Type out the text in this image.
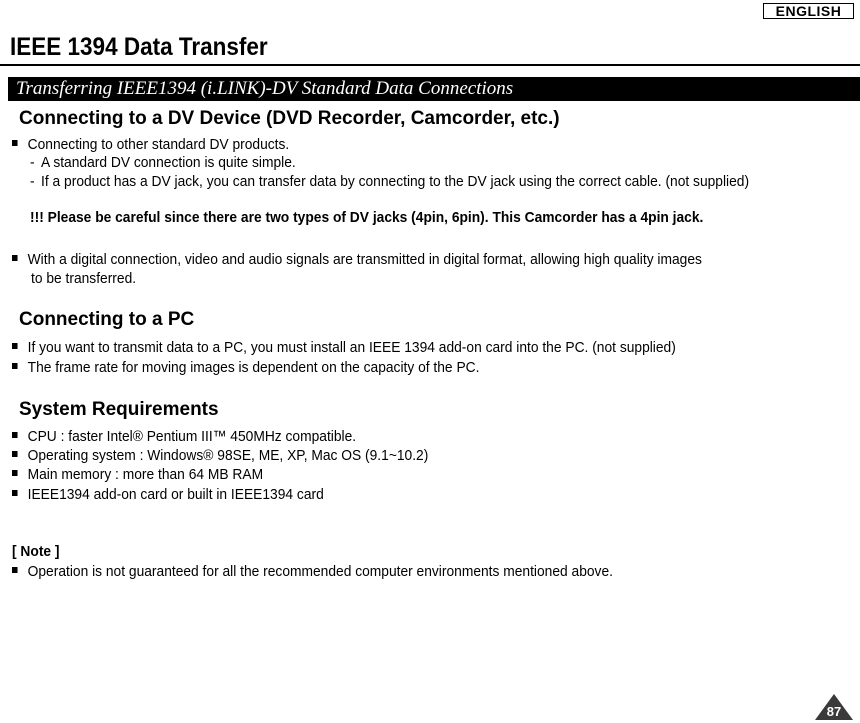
ENGLISH
IEEE 1394 Data Transfer
Transferring IEEE1394 (i.LINK)-DV Standard Data Connections
Connecting to a DV Device (DVD Recorder, Camcorder, etc.)
Connecting to other standard DV products.
- A standard DV connection is quite simple.
- If a product has a DV jack, you can transfer data by connecting to the DV jack using the correct cable. (not supplied)
!!! Please be careful since there are two types of DV jacks (4pin, 6pin). This Camcorder has a 4pin jack.
With a digital connection, video and audio signals are transmitted in digital format, allowing high quality images
to be transferred.
Connecting to a PC
If you want to transmit data to a PC, you must install an IEEE 1394 add-on card into the PC. (not supplied)
The frame rate for moving images is dependent on the capacity of the PC.
System Requirements
CPU : faster Intel® Pentium III™ 450MHz compatible.
Operating system : Windows® 98SE, ME, XP, Mac OS (9.1~10.2)
Main memory : more than 64 MB RAM
IEEE1394 add-on card or built in IEEE1394 card
[ Note ]
Operation is not guaranteed for all the recommended computer environments mentioned above.
87
